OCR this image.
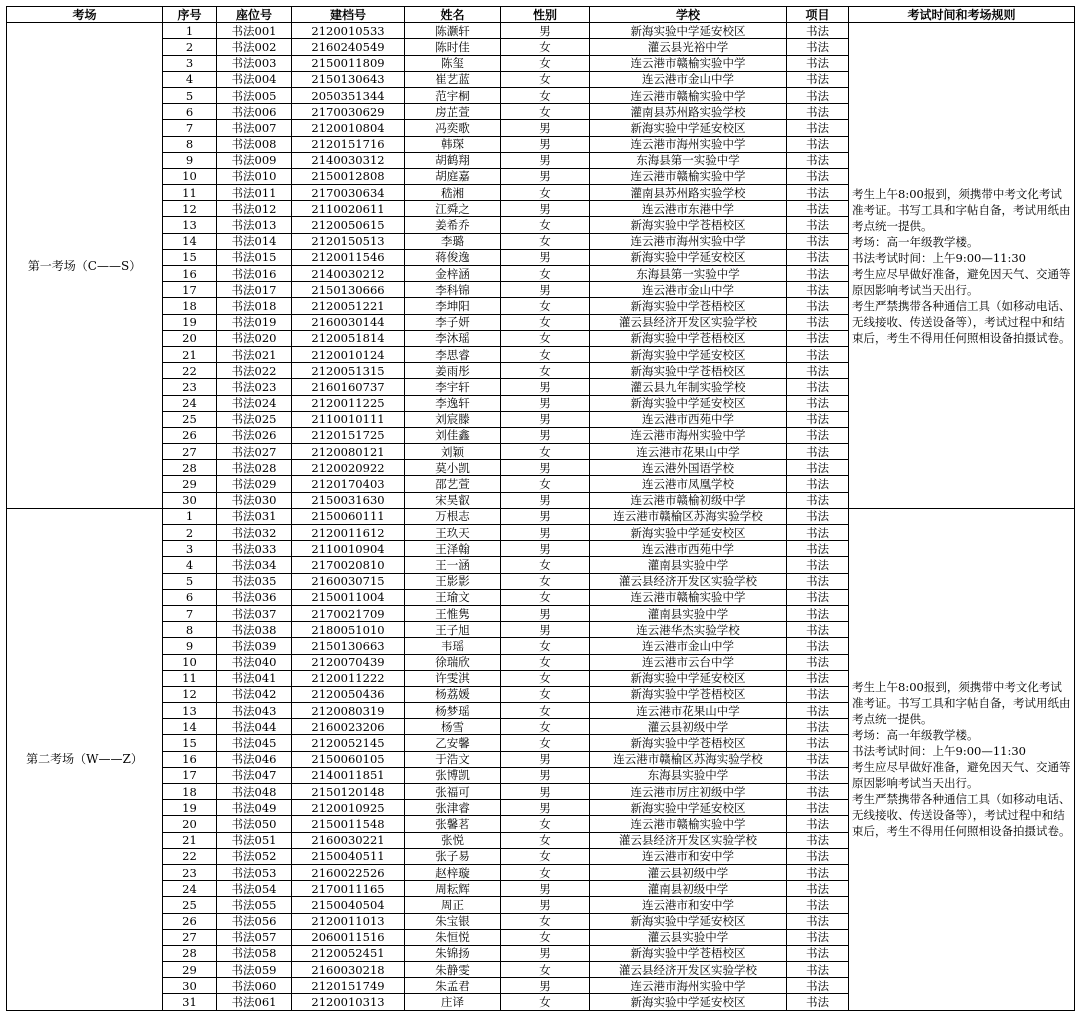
考场	序号	座位号	建档号	姓名	性别	学校	项目	考试时间和考场规则
第一考场（C——S）	1	书法001	2120010533	陈灏轩	男	新海实验中学延安校区	书法	考生上午8:00报到，须携带中考文化考试准考证。书写工具和字帖自备，考试用纸由考点统一提供。
考场：高一年级教学楼。
书法考试时间：上午9:00—11:30
考生应尽早做好准备，避免因天气、交通等原因影响考试当天出行。
考生严禁携带各种通信工具（如移动电话、无线接收、传送设备等），考试过程中和结束后，考生不得用任何照相设备拍摄试卷。

	2	书法002	2160240549	陈时佳	女	灌云县光裕中学	书法	
	3	书法003	2150011809	陈玺	女	连云港市赣榆实验中学	书法	
	4	书法004	2150130643	崔艺蓝	女	连云港市金山中学	书法	
	5	书法005	2050351344	范宇桐	女	连云港市赣榆实验中学	书法	
	6	书法006	2170030629	房芷萱	女	灌南县苏州路实验学校	书法	
	7	书法007	2120010804	冯奕歌	男	新海实验中学延安校区	书法	
	8	书法008	2120151716	韩琛	男	连云港市海州实验中学	书法	
	9	书法009	2140030312	胡鹤翔	男	东海县第一实验中学	书法	
	10	书法010	2150012808	胡庭嘉	男	连云港市赣榆实验中学	书法	
	11	书法011	2170030634	嵇湘	女	灌南县苏州路实验学校	书法	
	12	书法012	2110020611	江舜之	男	连云港市东港中学	书法	
	13	书法013	2120050615	姜希乔	女	新海实验中学苍梧校区	书法	
	14	书法014	2120150513	李璐	女	连云港市海州实验中学	书法	
	15	书法015	2120011546	蒋俊逸	男	新海实验中学延安校区	书法	
	16	书法016	2140030212	金梓涵	女	东海县第一实验中学	书法	
	17	书法017	2150130666	李科锦	男	连云港市金山中学	书法	
	18	书法018	2120051221	李坤阳	女	新海实验中学苍梧校区	书法	
	19	书法019	2160030144	李子妍	女	灌云县经济开发区实验学校	书法	
	20	书法020	2120051814	李沐瑶	女	新海实验中学苍梧校区	书法	
	21	书法021	2120010124	李思睿	女	新海实验中学延安校区	书法	
	22	书法022	2120051315	姜雨彤	女	新海实验中学苍梧校区	书法	
	23	书法023	2160160737	李宇轩	男	灌云县九年制实验学校	书法	
	24	书法024	2120011225	李逸轩	男	新海实验中学延安校区	书法	
	25	书法025	2110010111	刘宸滕	男	连云港市西苑中学	书法	
	26	书法026	2120151725	刘佳鑫	男	连云港市海州实验中学	书法	
	27	书法027	2120080121	刘颖	女	连云港市花果山中学	书法	
	28	书法028	2120020922	莫小凯	男	连云港外国语学校	书法	
	29	书法029	2120170403	邵艺萱	女	连云港市凤凰学校	书法	
	30	书法030	2150031630	宋昊叡	男	连云港市赣榆初级中学	书法	
第二考场（W——Z）	1	书法031	2150060111	万根志	男	连云港市赣榆区苏海实验学校	书法	考生上午8:00报到，须携带中考文化考试准考证。书写工具和字帖自备，考试用纸由考点统一提供。
考场：高一年级教学楼。
书法考试时间：上午9:00—11:30
考生应尽早做好准备，避免因天气、交通等原因影响考试当天出行。
考生严禁携带各种通信工具（如移动电话、无线接收、传送设备等），考试过程中和结束后，考生不得用任何照相设备拍摄试卷。

	2	书法032	2120011612	王玖天	男	新海实验中学延安校区	书法	
	3	书法033	2110010904	王泽翰	男	连云港市西苑中学	书法	
	4	书法034	2170020810	王一涵	女	灌南县实验中学	书法	
	5	书法035	2160030715	王影影	女	灌云县经济开发区实验学校	书法	
	6	书法036	2150011004	王瑜文	女	连云港市赣榆实验中学	书法	
	7	书法037	2170021709	王惟隽	男	灌南县实验中学	书法	
	8	书法038	2180051010	王子旭	男	连云港华杰实验学校	书法	
	9	书法039	2150130663	韦瑶	女	连云港市金山中学	书法	
	10	书法040	2120070439	徐瑞欣	女	连云港市云台中学	书法	
	11	书法041	2120011222	许雯淇	女	新海实验中学延安校区	书法	
	12	书法042	2120050436	杨荔媛	女	新海实验中学苍梧校区	书法	
	13	书法043	2120080319	杨梦瑶	女	连云港市花果山中学	书法	
	14	书法044	2160023206	杨雪	女	灌云县初级中学	书法	
	15	书法045	2120052145	乙安馨	女	新海实验中学苍梧校区	书法	
	16	书法046	2150060105	于浩文	男	连云港市赣榆区苏海实验学校	书法	
	17	书法047	2140011851	张博凯	男	东海县实验中学	书法	
	18	书法048	2150120148	张福可	男	连云港市厉庄初级中学	书法	
	19	书法049	2120010925	张津睿	男	新海实验中学延安校区	书法	
	20	书法050	2150011548	张馨茗	女	连云港市赣榆实验中学	书法	
	21	书法051	2160030221	张悦	女	灌云县经济开发区实验学校	书法	
	22	书法052	2150040511	张子易	女	连云港市和安中学	书法	
	23	书法053	2160022526	赵梓璇	女	灌云县初级中学	书法	
	24	书法054	2170011165	周耘辉	男	灌南县初级中学	书法	
	25	书法055	2150040504	周正	男	连云港市和安中学	书法	
	26	书法056	2120011013	朱宝银	女	新海实验中学延安校区	书法	
	27	书法057	2060011516	朱恒悦	女	灌云县实验中学	书法	
	28	书法058	2120052451	朱锦扬	男	新海实验中学苍梧校区	书法	
	29	书法059	2160030218	朱静雯	女	灌云县经济开发区实验学校	书法	
	30	书法060	2120151749	朱孟君	男	连云港市海州实验中学	书法	
	31	书法061	2120010313	庄译	女	新海实验中学延安校区	书法	
